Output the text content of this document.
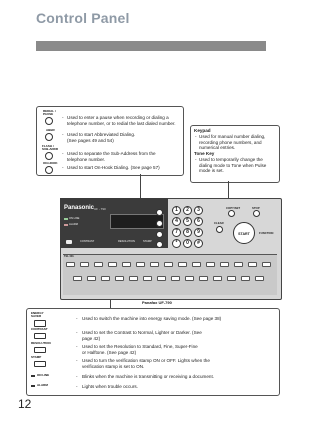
Control Panel
REDIAL / PAUSE
- Used to enter a pause when recording or dialing a telephone number, or to redial the last dialed number.
ABBR
- Used to start Abbreviated Dialing.
(See pages 49 and 54)
FLASH / SUB-ADDR
- Used to separate the Sub-Address from the telephone number.
ON-HOOK
- Used to start On-Hook Dialing. (See page 57)
Keypad
- Used for manual number dialing, recording phone numbers, and numerical entries.
Tone Key
- Used to temporarily change the dialing mode to Tone when Pulse mode is set.
Panasonic UF - 790
ON LINE
ALARM
CONTRAST	RESOLUTION	STAMP
1	2	3
4	5	6
7	8	9
*	0	#
COPY/SET	STOP
CLEAR
START	FUNCTION
TEL NO.
Panafax UF-790
ENERGY SAVER	- Used to switch the machine into energy saving mode. (See page 38)
CONTRAST
- Used to set the Contrast to Normal, Lighter or Darker. (See page 42)
RESOLUTION
- Used to set the Resolution to Standard, Fine, Super-Fine or Halftone. (See page 42)
STAMP
- Used to turn the verification stamp ON or OFF. Lights when the verification stamp is set to ON.
ON LINE	- Blinks when the machine is transmitting or receiving a document.
ALARM	- Lights when trouble occurs.
12
